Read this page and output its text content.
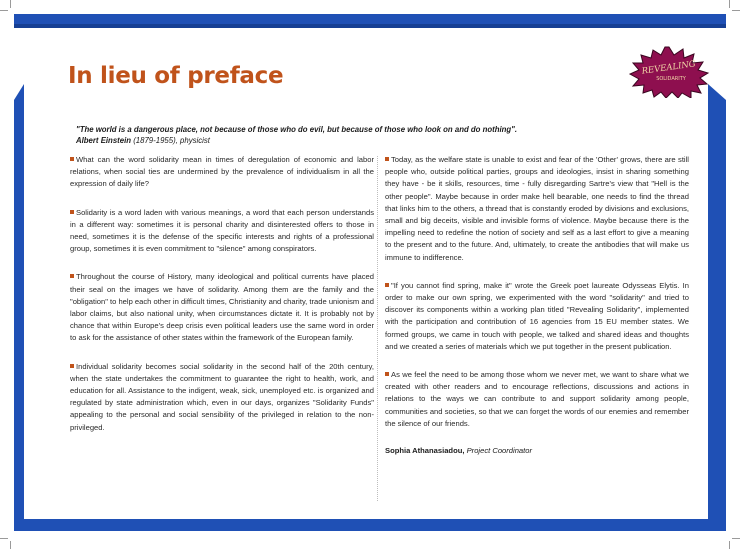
In lieu of preface	REVEALING
SOLIDARITY
"The world is a dangerous place, not because of those who do evil, but because of those who look on and do nothing".
Albert Einstein (1879-1955), physicist

What can the word solidarity mean in times of deregulation of economic and labor relations, when social ties are undermined by the prevalence of individualism in all the expression of daily life?

Solidarity is a word laden with various meanings, a word that each person understands in a different way: sometimes it is personal charity and disinterested offers to those in need, sometimes it is the defense of the specific interests and rights of a professional group, sometimes it is even commitment to "silence" among conspirators.

Throughout the course of History, many ideological and political currents have placed their seal on the images we have of solidarity. Among them are the family and the "obligation" to help each other in difficult times, Christianity and charity, trade unionism and labor claims, but also national unity, when circumstances dictate it. It is probably not by chance that within Europe's deep crisis even political leaders use the same word in order to ask for the assistance of other states within the framework of the European family.

Individual solidarity becomes social solidarity in the second half of the 20th century, when the state undertakes the commitment to guarantee the right to health, work, and education for all. Assistance to the indigent, weak, sick, unemployed etc. is organized and regulated by state administration which, even in our days, organizes "Solidarity Funds" appealing to the personal and social sensibility of the privileged in relation to the non-privileged.

Today, as the welfare state is unable to exist and fear of the 'Other' grows, there are still people who, outside political parties, groups and ideologies, insist in sharing something they have - be it skills, resources, time - fully disregarding Sartre's view that "Hell is the other people". Maybe because in order make hell bearable, one needs to find the thread that links him to the others, a thread that is constantly eroded by divisions and exclusions, small and big deceits, visible and invisible forms of violence. Maybe because there is the impelling need to redefine the notion of society and self as a last effort to give a meaning to the present and to the future. And, ultimately, to create the antibodies that will make us immune to indifference.

"If you cannot find spring, make it" wrote the Greek poet laureate Odysseas Elytis. In order to make our own spring, we experimented with the word "solidarity" and tried to discover its components within a working plan titled "Revealing Solidarity", implemented with the participation and contribution of 16 agencies from 15 EU member states. We formed groups, we came in touch with people, we talked and shared ideas and thoughts and we created a series of materials which we put together in the present publication.

As we feel the need to be among those whom we never met, we want to share what we created with other readers and to encourage reflections, discussions and actions in relations to the ways we can contribute to and support solidarity among people, communities and societies, so that we can forget the words of our enemies and remember the silence of our friends.

Sophia Athanasiadou, Project Coordinator
